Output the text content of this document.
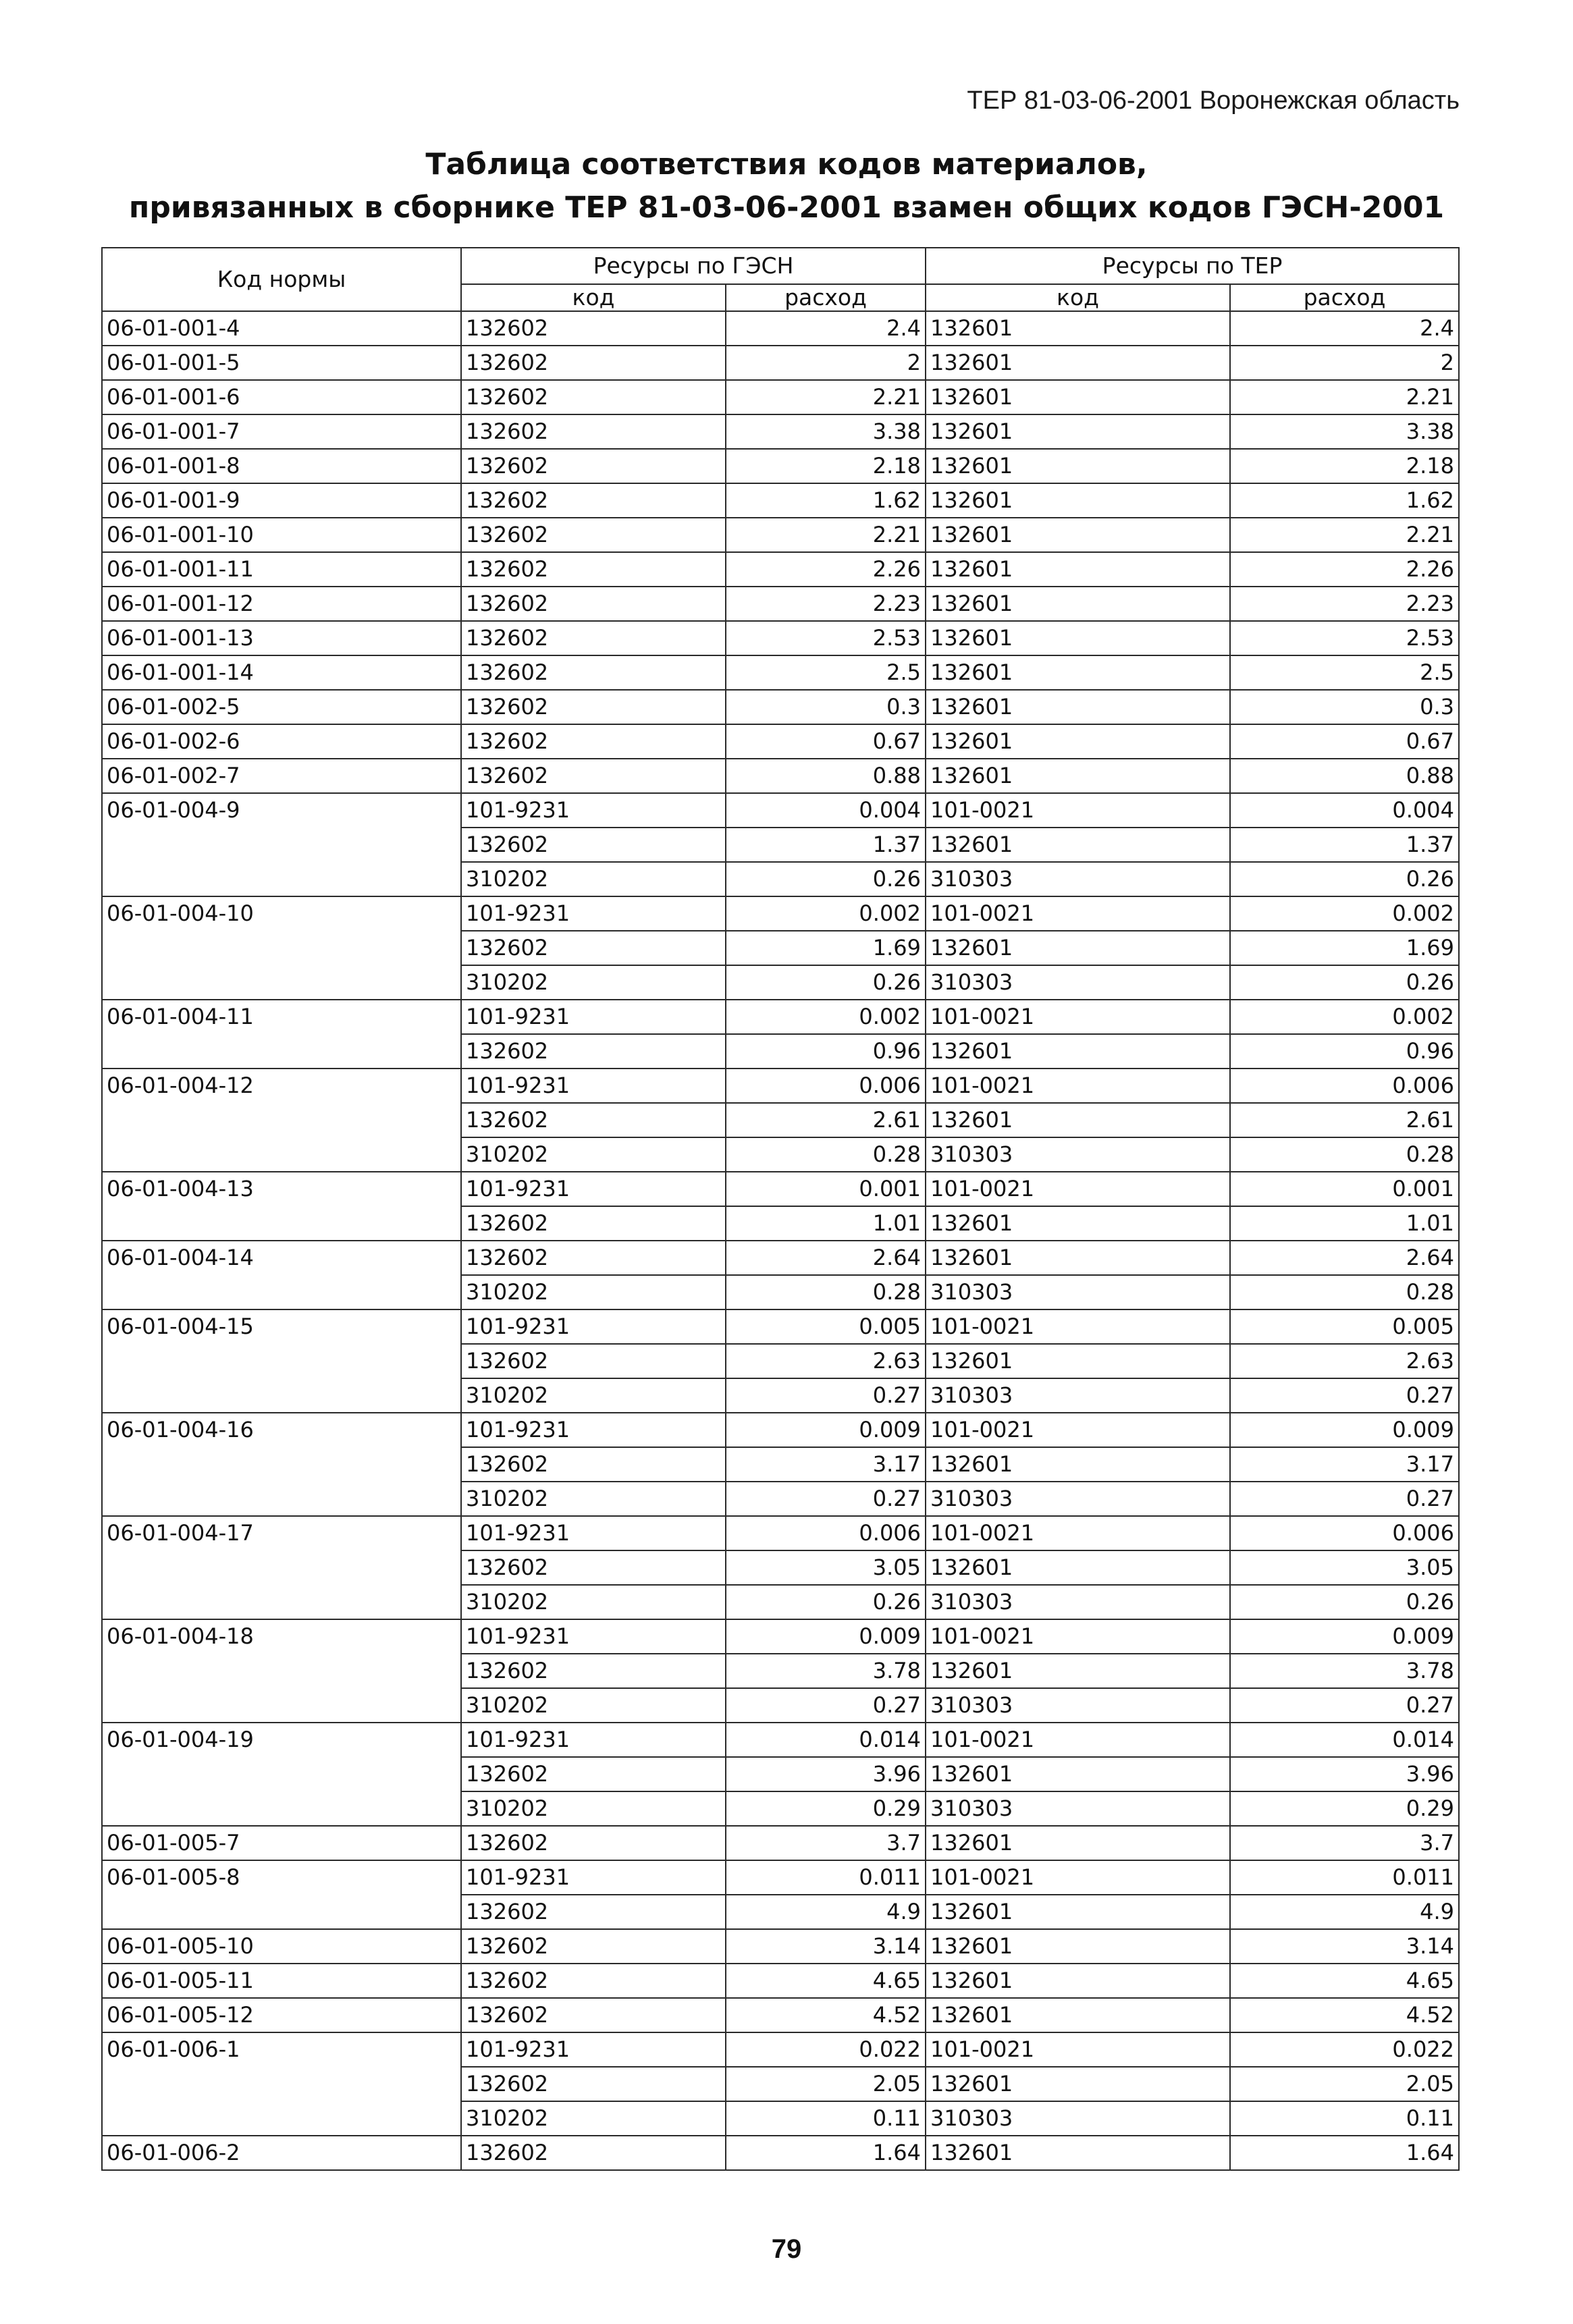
ТЕР 81-03-06-2001 Воронежская область
Таблица соответствия кодов материалов,
привязанных в сборнике ТЕР 81-03-06-2001 взамен общих кодов ГЭСН-2001
Код нормы	Ресурсы по ГЭСН		Ресурсы по ТЕР	
	код	расход	код	расход
06-01-001-4	132602	2.4	132601	2.4
06-01-001-5	132602	2	132601	2
06-01-001-6	132602	2.21	132601	2.21
06-01-001-7	132602	3.38	132601	3.38
06-01-001-8	132602	2.18	132601	2.18
06-01-001-9	132602	1.62	132601	1.62
06-01-001-10	132602	2.21	132601	2.21
06-01-001-11	132602	2.26	132601	2.26
06-01-001-12	132602	2.23	132601	2.23
06-01-001-13	132602	2.53	132601	2.53
06-01-001-14	132602	2.5	132601	2.5
06-01-002-5	132602	0.3	132601	0.3
06-01-002-6	132602	0.67	132601	0.67
06-01-002-7	132602	0.88	132601	0.88
06-01-004-9	101-9231	0.004	101-0021	0.004
	132602	1.37	132601	1.37
	310202	0.26	310303	0.26
06-01-004-10	101-9231	0.002	101-0021	0.002
	132602	1.69	132601	1.69
	310202	0.26	310303	0.26
06-01-004-11	101-9231	0.002	101-0021	0.002
	132602	0.96	132601	0.96
06-01-004-12	101-9231	0.006	101-0021	0.006
	132602	2.61	132601	2.61
	310202	0.28	310303	0.28
06-01-004-13	101-9231	0.001	101-0021	0.001
	132602	1.01	132601	1.01
06-01-004-14	132602	2.64	132601	2.64
	310202	0.28	310303	0.28
06-01-004-15	101-9231	0.005	101-0021	0.005
	132602	2.63	132601	2.63
	310202	0.27	310303	0.27
06-01-004-16	101-9231	0.009	101-0021	0.009
	132602	3.17	132601	3.17
	310202	0.27	310303	0.27
06-01-004-17	101-9231	0.006	101-0021	0.006
	132602	3.05	132601	3.05
	310202	0.26	310303	0.26
06-01-004-18	101-9231	0.009	101-0021	0.009
	132602	3.78	132601	3.78
	310202	0.27	310303	0.27
06-01-004-19	101-9231	0.014	101-0021	0.014
	132602	3.96	132601	3.96
	310202	0.29	310303	0.29
06-01-005-7	132602	3.7	132601	3.7
06-01-005-8	101-9231	0.011	101-0021	0.011
	132602	4.9	132601	4.9
06-01-005-10	132602	3.14	132601	3.14
06-01-005-11	132602	4.65	132601	4.65
06-01-005-12	132602	4.52	132601	4.52
06-01-006-1	101-9231	0.022	101-0021	0.022
	132602	2.05	132601	2.05
	310202	0.11	310303	0.11
06-01-006-2	132602	1.64	132601	1.64
79
